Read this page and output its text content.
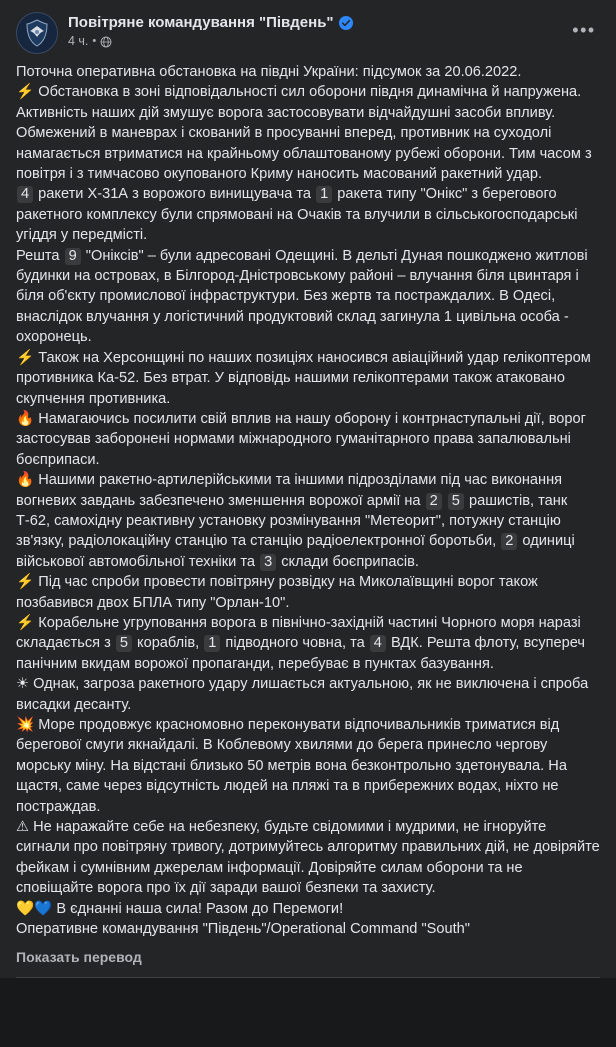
Повітряне командування "Південь"
4 ч. •
•••

Поточна оперативна обстановка на півдні України: підсумок за 20.06.2022.

⚡ Обстановка в зоні відповідальності сил оборони півдня динамічна й напружена.

Активність наших дій змушує ворога застосовувати відчайдушні засоби впливу. Обмежений в маневрах і скований в просуванні вперед, противник на суходолі намагається втриматися на крайньому облаштованому рубежі оборони. Тим часом з повітря і з тимчасово окупованого Криму наносить масований ракетний удар.

4 ракети Х-31А з ворожого винищувача та 1 ракета типу "Онікс" з берегового ракетного комплексу були спрямовані на Очаків та влучили в сільськогосподарські угіддя у передмісті.

Решта 9 "Оніксів" – були адресовані Одещині. В дельті Дуная пошкоджено житлові будинки на островах, в Білгород-Дністровському районі – влучання біля цвинтаря і біля об'єкту промислової інфраструктури. Без жертв та постраждалих. В Одесі, внаслідок влучання у логістичний продуктовий склад загинула 1 цивільна особа - охоронець.

⚡ Також на Херсонщині по наших позиціях наносився авіаційний удар гелікоптером противника Ка-52. Без втрат. У відповідь нашими гелікоптерами також атаковано скупчення противника.

🔥 Намагаючись посилити свій вплив на нашу оборону і контрнаступальні дії, ворог застосував заборонені нормами міжнародного гуманітарного права запалювальні боєприпаси.

🔥 Нашими ракетно-артилерійськими та іншими підрозділами під час виконання вогневих завдань забезпечено зменшення ворожої армії на 2 5 рашистів, танк Т-62, самохідну реактивну установку розмінування "Метеорит", потужну станцію зв'язку, радіолокаційну станцію та станцію радіоелектронної боротьби, 2 одиниці військової автомобільної техніки та 3 склади боєприпасів.

⚡ Під час спроби провести повітряну розвідку на Миколаївщині ворог також позбавився двох БПЛА типу "Орлан-10".

⚡ Корабельне угруповання ворога в північно-західній частині Чорного моря наразі складається з 5 кораблів, 1 підводного човна, та 4 ВДК. Решта флоту, всупереч панічним вкидам ворожої пропаганди, перебуває в пунктах базування.

☀ Однак, загроза ракетного удару лишається актуальною, як не виключена і спроба висадки десанту.

💥 Море продовжує красномовно переконувати відпочивальників триматися від берегової смуги якнайдалі. В Коблевому хвилями до берега принесло чергову морську міну. На відстані близько 50 метрів вона безконтрольно здетонувала. На щастя, саме через відсутність людей на пляжі та в прибережних водах, ніхто не постраждав.

⚠ Не наражайте себе на небезпеку, будьте свідомими і мудрими, не ігноруйте сигнали про повітряну тривогу, дотримуйтесь алгоритму правильних дій, не довіряйте фейкам і сумнівним джерелам інформації. Довіряйте силам оборони та не сповіщайте ворога про їх дії заради вашої безпеки та захисту.

💛💙 В єднанні наша сила! Разом до Перемоги!

Оперативне командування "Південь"/Operational Command "South"

Показать перевод
